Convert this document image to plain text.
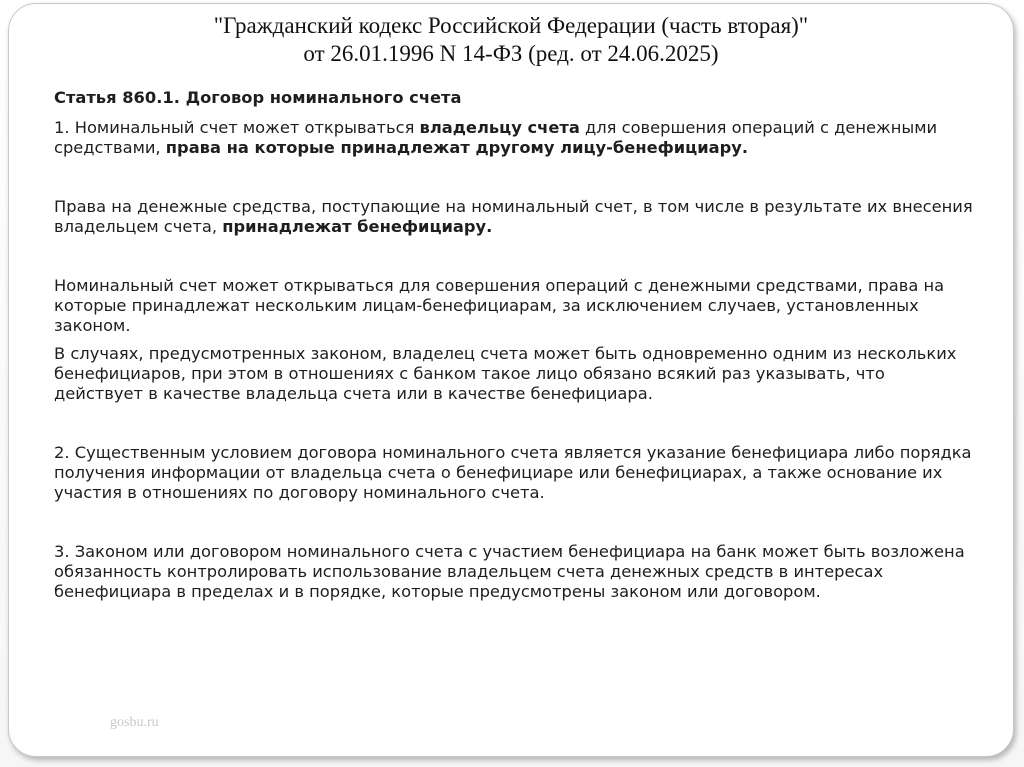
"Гражданский кодекс Российской Федерации (часть вторая)"
от 26.01.1996 N 14-ФЗ (ред. от 24.06.2025)

Статья 860.1. Договор номинального счета

1. Номинальный счет может открываться владельцу счета для совершения операций с денежными средствами, права на которые принадлежат другому лицу-бенефициару.

Права на денежные средства, поступающие на номинальный счет, в том числе в результате их внесения владельцем счета, принадлежат бенефициару.

Номинальный счет может открываться для совершения операций с денежными средствами, права на которые принадлежат нескольким лицам-бенефициарам, за исключением случаев, установленных законом.

В случаях, предусмотренных законом, владелец счета может быть одновременно одним из нескольких бенефициаров, при этом в отношениях с банком такое лицо обязано всякий раз указывать, что действует в качестве владельца счета или в качестве бенефициара.

2. Существенным условием договора номинального счета является указание бенефициара либо порядка получения информации от владельца счета о бенефициаре или бенефициарах, а также основание их участия в отношениях по договору номинального счета.

3. Законом или договором номинального счета с участием бенефициара на банк может быть возложена обязанность контролировать использование владельцем счета денежных средств в интересах бенефициара в пределах и в порядке, которые предусмотрены законом или договором.

gosbu.ru
